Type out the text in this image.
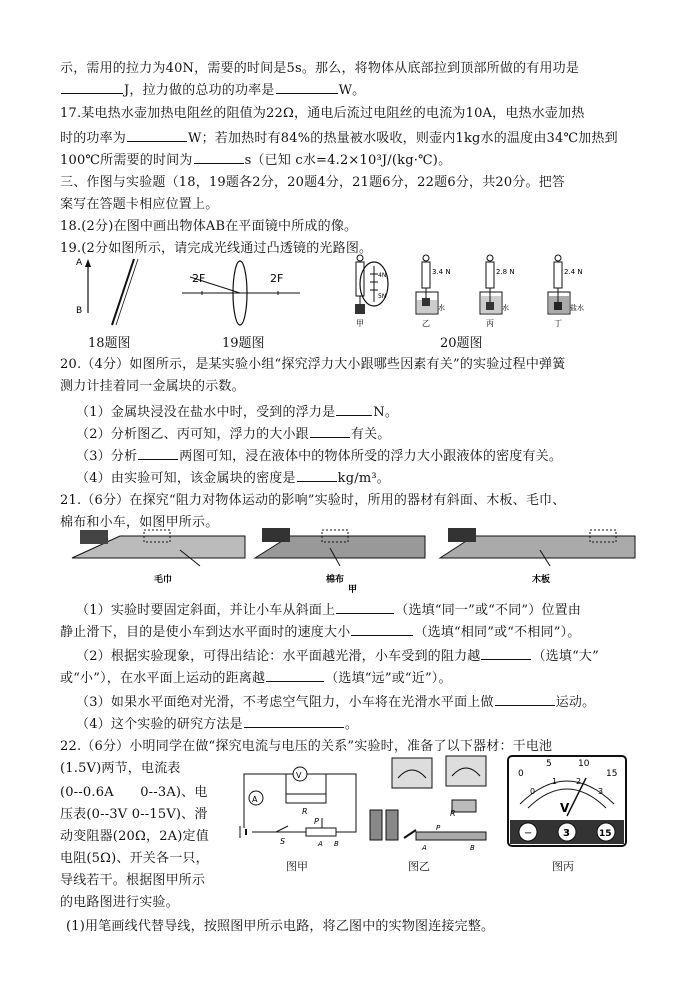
示，需用的拉力为40N，需要的时间是5s。那么，将物体从底部拉到顶部所做的有用功是
J，拉力做的总功的功率是	W。
17.某电热水壶加热电阻丝的阻值为22Ω，通电后流过电阻丝的电流为10A，电热水壶加热
时的功率为	W；若加热时有84%的热量被水吸收，则壶内1kg水的温度由34℃加热到
100℃所需要的时间为	s（已知 c水=4.2×10³J/(kg·℃)。
三、作图与实验题（18，19题各2分，20题4分，21题6分，22题6分，共20分。把答
案写在答题卡相应位置上。
18.(2分)在图中画出物体AB在平面镜中所成的像。
19.(2分如图所示，请完成光线通过凸透镜的光路图。
A
B
18题图
2F	2F
19题图
4N
5N
甲
3.4 N
水
乙
2.8 N
水
丙
2.4 N
盐水
丁
20题图
20.（4分）如图所示，是某实验小组“探究浮力大小跟哪些因素有关”的实验过程中弹簧
测力计挂着同一金属块的示数。
（1）金属块浸没在盐水中时，受到的浮力是	N。
（2）分析图乙、丙可知，浮力的大小跟	有关。
（3）分析	两图可知，浸在液体中的物体所受的浮力大小跟液体的密度有关。
（4）由实验可知，该金属块的密度是	kg/m³。
21.（6分）在探究“阻力对物体运动的影响”实验时，所用的器材有斜面、木板、毛巾、
棉布和小车，如图甲所示。
毛巾	棉布	木板
甲
（1）实验时要固定斜面，并让小车从斜面上	（选填“同一”或“不同”）位置由
静止滑下，目的是使小车到达水平面时的速度大小	（选填“相同”或“不相同”）。
（2）根据实验现象，可得出结论：水平面越光滑，小车受到的阻力越	（选填“大”
或“小”），在水平面上运动的距离越	（选填“远”或“近”）。
（3）如果水平面绝对光滑，不考虑空气阻力，小车将在光滑水平面上做	运动。
（4）这个实验的研究方法是	。
22.（6分）小明同学在做“探究电流与电压的关系”实验时，准备了以下器材：干电池
(1.5V)两节，电流表
(0--0.6A　　0--3A)、电
压表(0--3V 0--15V)、滑
动变阻器(20Ω，2A)定值
电阻(5Ω)、开关各一只，
导线若干。根据图甲所示
的电路图进行实验。
(1)用笔画线代替导线，按照图甲所示电路，将乙图中的实物图连接完整。
V
A
R
S
P
A B
图甲
R
P
A	B
图乙
0
5	10
15
0
1 2
3
V
−	3	15
图丙
